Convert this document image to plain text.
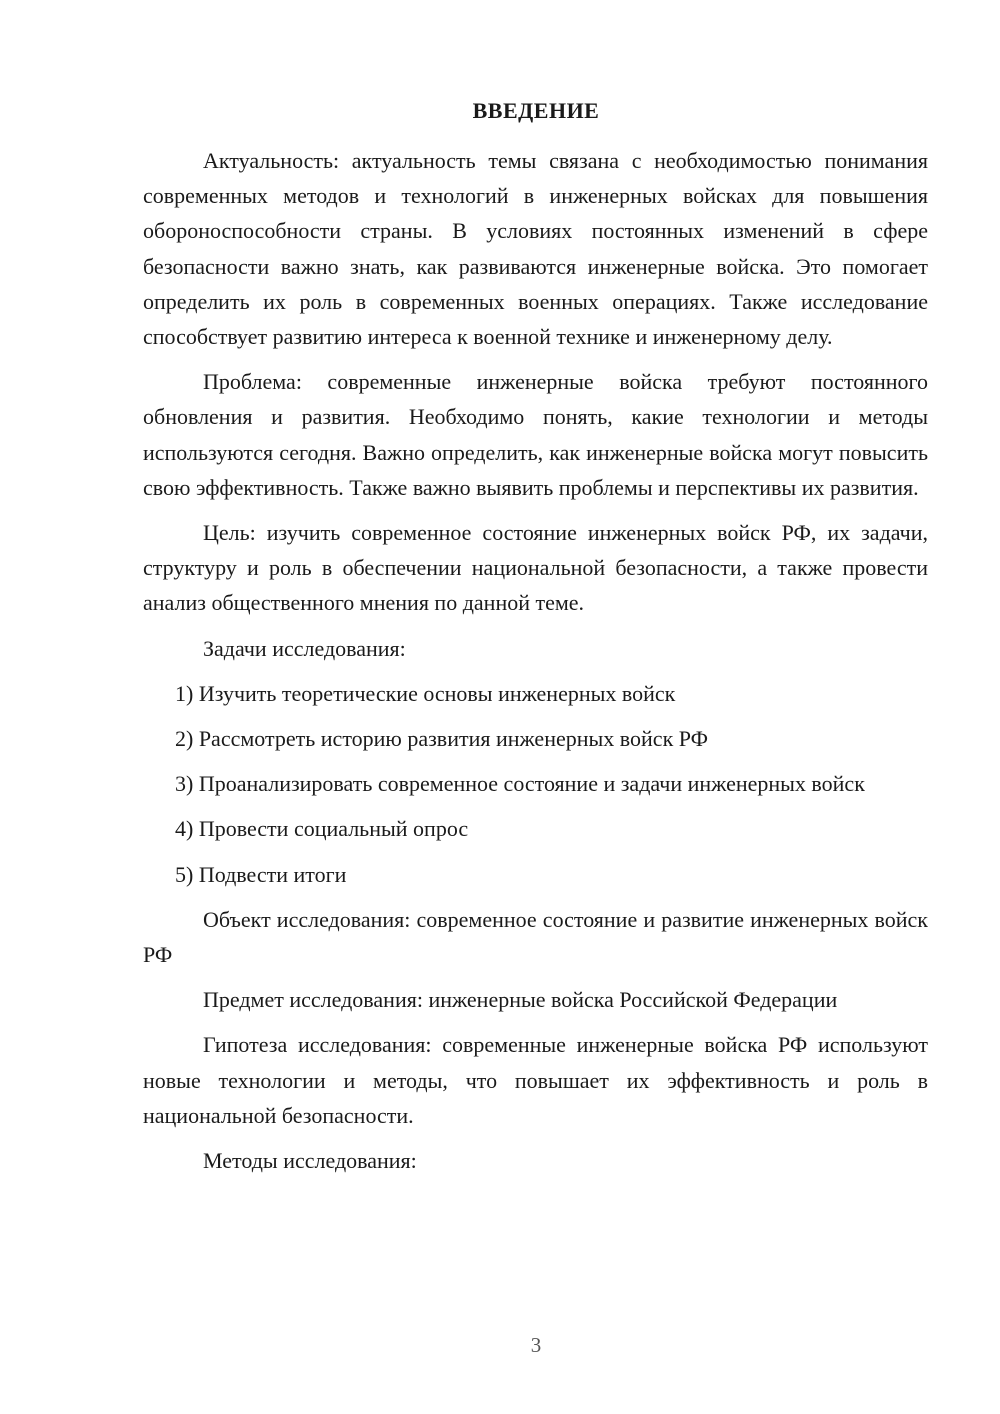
ВВЕДЕНИЕ

Актуальность: актуальность темы связана с необходимостью понимания современных методов и технологий в инженерных войсках для повышения обороноспособности страны. В условиях постоянных изменений в сфере безопасности важно знать, как развиваются инженерные войска. Это помогает определить их роль в современных военных операциях. Также исследование способствует развитию интереса к военной технике и инженерному делу.

Проблема: современные инженерные войска требуют постоянного обновления и развития. Необходимо понять, какие технологии и методы используются сегодня. Важно определить, как инженерные войска могут повысить свою эффективность. Также важно выявить проблемы и перспективы их развития.

Цель: изучить современное состояние инженерных войск РФ, их задачи, структуру и роль в обеспечении национальной безопасности, а также провести анализ общественного мнения по данной теме.

Задачи исследования:

1) Изучить теоретические основы инженерных войск

2) Рассмотреть историю развития инженерных войск РФ

3) Проанализировать современное состояние и задачи инженерных войск

4) Провести социальный опрос

5) Подвести итоги

Объект исследования: современное состояние и развитие инженерных войск РФ

Предмет исследования: инженерные войска Российской Федерации

Гипотеза исследования: современные инженерные войска РФ используют новые технологии и методы, что повышает их эффективность и роль в национальной безопасности.

Методы исследования:

3
